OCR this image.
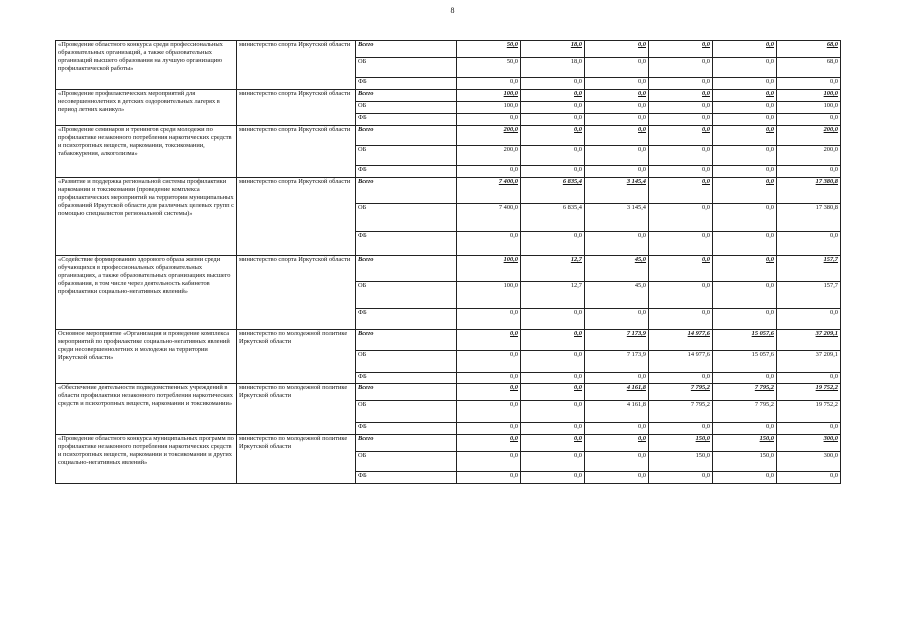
8
«Проведение областного конкурса среди профессиональных образовательных организаций, а также образовательных организаций высшего образования на лучшую организацию профилактической работы»	министерство спорта Иркутской области	Всего	50,0	18,0	0,0	0,0	0,0	68,0
		ОБ	50,0	18,0	0,0	0,0	0,0	68,0
		ФБ	0,0	0,0	0,0	0,0	0,0	0,0
«Проведение профилактических мероприятий для несовершеннолетних в детских оздоровительных лагерях в период летних каникул»	министерство спорта Иркутской области	Всего	100,0	0,0	0,0	0,0	0,0	100,0
		ОБ	100,0	0,0	0,0	0,0	0,0	100,0
		ФБ	0,0	0,0	0,0	0,0	0,0	0,0
«Проведение семинаров и тренингов среди молодежи по профилактике незаконного потребления наркотических средств и психотропных веществ, наркомании, токсикомании, табакокурения, алкоголизма»	министерство спорта Иркутской области	Всего	200,0	0,0	0,0	0,0	0,0	200,0
		ОБ	200,0	0,0	0,0	0,0	0,0	200,0
		ФБ	0,0	0,0	0,0	0,0	0,0	0,0
«Развитие и поддержка региональной системы профилактики наркомании и токсикомании (проведение комплекса профилактических мероприятий на территории муниципальных образований Иркутской области для различных целевых групп с помощью специалистов региональной системы)»	министерство спорта Иркутской области	Всего	7 400,0	6 835,4	3 145,4	0,0	0,0	17 380,8
		ОБ	7 400,0	6 835,4	3 145,4	0,0	0,0	17 380,8
		ФБ	0,0	0,0	0,0	0,0	0,0	0,0
«Содействие формированию здорового образа жизни среди обучающихся в профессиональных образовательных организациях, а также образовательных организациях высшего образования, в том числе через деятельность кабинетов профилактики социально-негативных явлений»	министерство спорта Иркутской области	Всего	100,0	12,7	45,0	0,0	0,0	157,7
		ОБ	100,0	12,7	45,0	0,0	0,0	157,7
		ФБ	0,0	0,0	0,0	0,0	0,0	0,0
Основное мероприятие «Организация и проведение комплекса мероприятий по профилактике социально-негативных явлений среди несовершеннолетних и молодежи на территории Иркутской области»	министерство по молодежной политике Иркутской области	Всего	0,0	0,0	7 173,9	14 977,6	15 057,6	37 209,1
		ОБ	0,0	0,0	7 173,9	14 977,6	15 057,6	37 209,1
		ФБ	0,0	0,0	0,0	0,0	0,0	0,0
«Обеспечение деятельности подведомственных учреждений в области профилактики незаконного потребления наркотических средств и психотропных веществ, наркомании и токсикомании»	министерство по молодежной политике Иркутской области	Всего	0,0	0,0	4 161,8	7 795,2	7 795,2	19 752,2
		ОБ	0,0	0,0	4 161,8	7 795,2	7 795,2	19 752,2
		ФБ	0,0	0,0	0,0	0,0	0,0	0,0
«Проведение областного конкурса муниципальных программ по профилактике незаконного потребления наркотических средств и психотропных веществ, наркомании и токсикомании и других социально-негативных явлений»	министерство по молодежной политике Иркутской области	Всего	0,0	0,0	0,0	150,0	150,0	300,0
		ОБ	0,0	0,0	0,0	150,0	150,0	300,0
		ФБ	0,0	0,0	0,0	0,0	0,0	0,0
